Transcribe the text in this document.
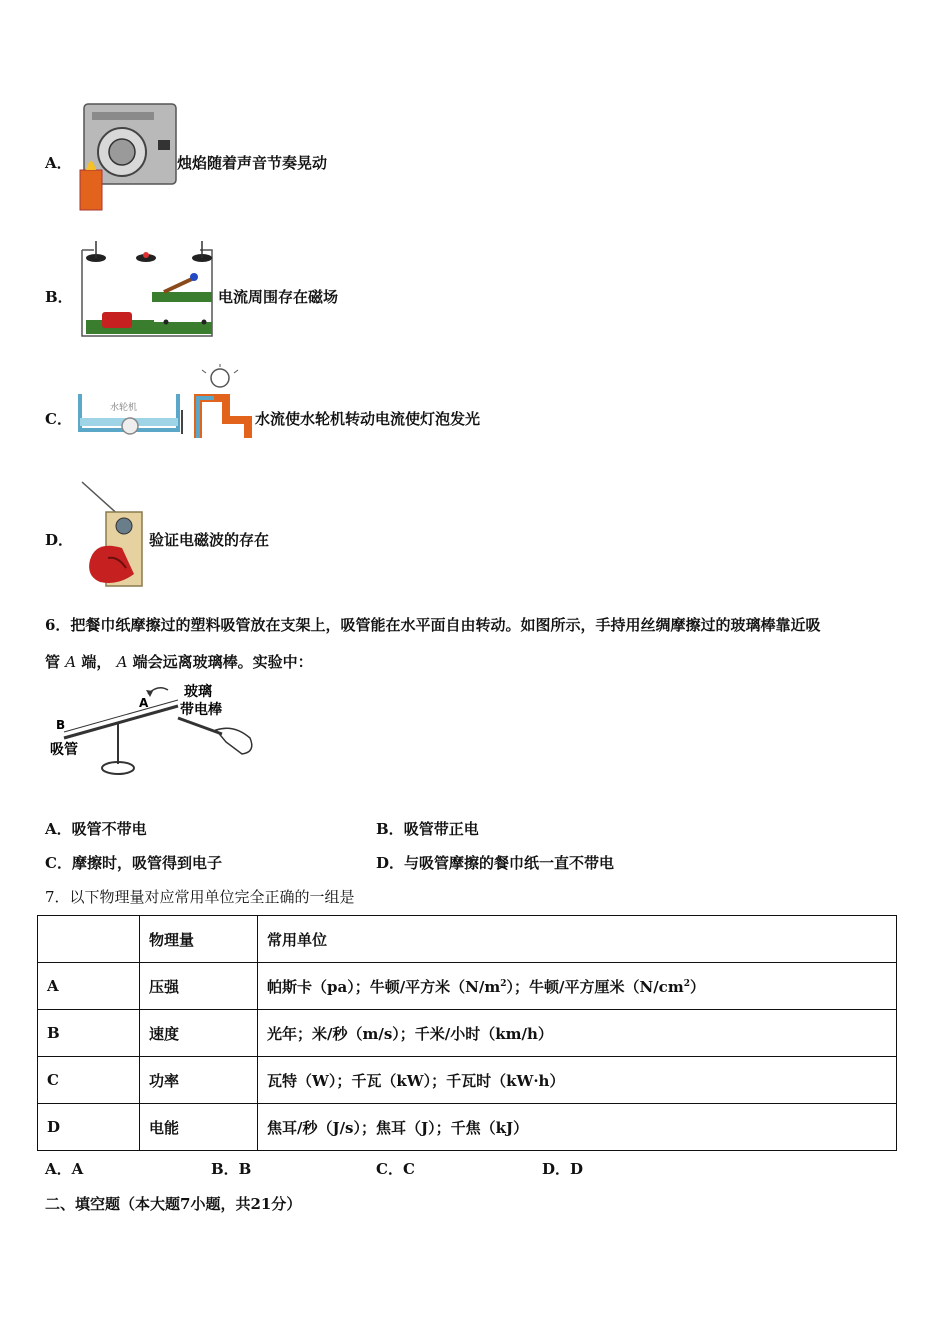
A．	烛焰随着声音节奏晃动
B．	电流周围存在磁场
C．
水轮机
水流使水轮机转动电流使灯泡发光
D．	验证电磁波的存在
6．把餐巾纸摩擦过的塑料吸管放在支架上，吸管能在水平面自由转动。如图所示，手持用丝绸摩擦过的玻璃棒靠近吸
管 A 端， A 端会远离玻璃棒。实验中：
B
A
吸管
玻璃
带电棒
A．吸管不带电	B．吸管带正电
C．摩擦时，吸管得到电子	D．与吸管摩擦的餐巾纸一直不带电
7．以下物理量对应常用单位完全正确的一组是
	物理量	常用单位
A	压强	帕斯卡（pa）；牛顿/平方米$(N/m^2)$；牛顿/平方厘米$(N/cm^2)$
B	速度	光年；米/秒（m/s）；千米/小时（km/h）
C	功率	瓦特（W）；千瓦（kW）；千瓦时（kW·h）
D	电能	焦耳/秒（J/s）；焦耳（J）；千焦（kJ）
A．A	B．B	C．C	D．D
二、填空题（本大题7小题，共21分）
